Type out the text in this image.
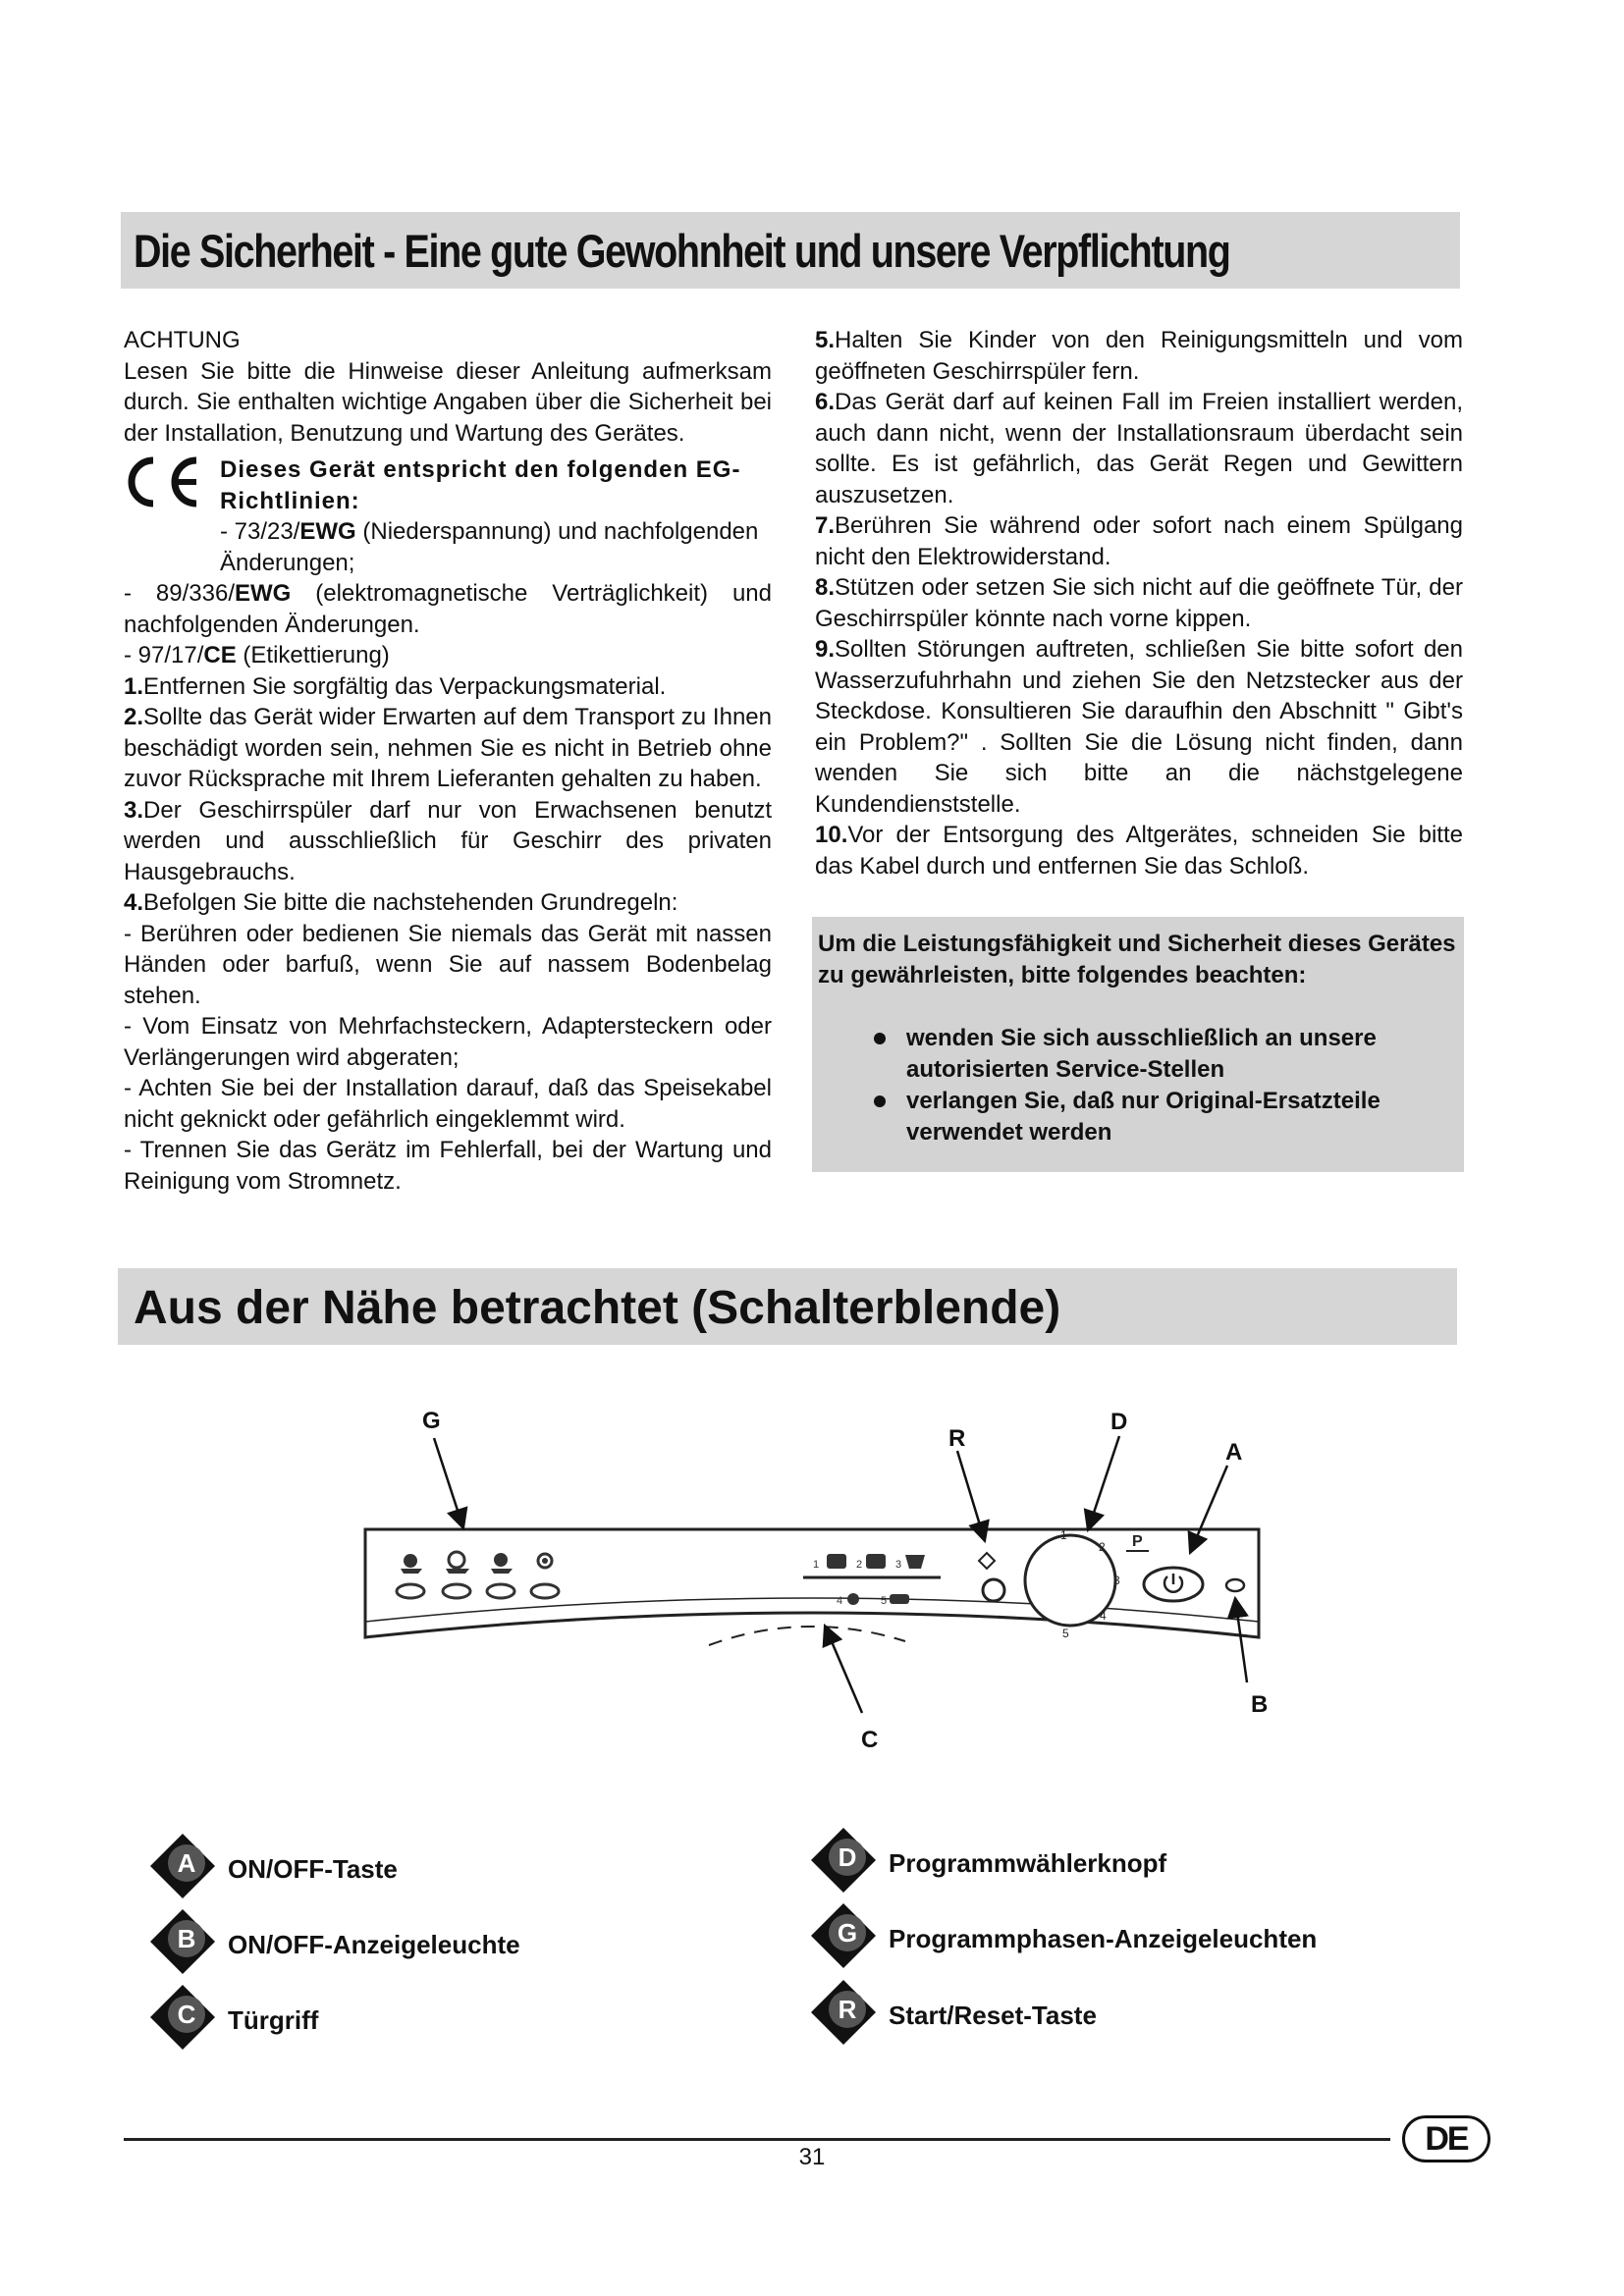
Die Sicherheit - Eine gute Gewohnheit und unsere Verpflichtung

ACHTUNG

Lesen Sie bitte die Hinweise dieser Anleitung aufmerksam durch. Sie enthalten wichtige Angaben über die Sicherheit bei der Installation, Benutzung und Wartung des Gerätes.

Dieses Gerät entspricht den folgenden EG-Richtlinien:

- 73/23/EWG (Niederspannung) und nachfolgenden Änderungen;

- 89/336/EWG (elektromagnetische Verträglichkeit) und nachfolgenden Änderungen.

- 97/17/CE (Etikettierung)

1.Entfernen Sie sorgfältig das Verpackungsmaterial.

2.Sollte das Gerät wider Erwarten auf dem Transport zu Ihnen beschädigt worden sein, nehmen Sie es nicht in Betrieb ohne zuvor Rücksprache mit Ihrem Lieferanten gehalten zu haben.

3.Der Geschirrspüler darf nur von Erwachsenen benutzt werden und ausschließlich für Geschirr des privaten Hausgebrauchs.

4.Befolgen Sie bitte die nachstehenden Grundregeln:

- Berühren oder bedienen Sie niemals das Gerät mit nassen Händen oder barfuß, wenn Sie auf nassem Bodenbelag stehen.

- Vom Einsatz von Mehrfachsteckern, Adaptersteckern oder Verlängerungen wird abgeraten;

- Achten Sie bei der Installation darauf, daß das Speisekabel nicht geknickt oder gefährlich eingeklemmt wird.

- Trennen Sie das Gerätz im Fehlerfall, bei der Wartung und Reinigung vom Stromnetz.

5.Halten Sie Kinder von den Reinigungsmitteln und vom geöffneten Geschirrspüler fern.

6.Das Gerät darf auf keinen Fall im Freien installiert werden, auch dann nicht, wenn der Installationsraum überdacht sein sollte. Es ist gefährlich, das Gerät Regen und Gewittern auszusetzen.

7.Berühren Sie während oder sofort nach einem Spülgang nicht den Elektrowiderstand.

8.Stützen oder setzen Sie sich nicht auf die geöffnete Tür, der Geschirrspüler könnte nach vorne kippen.

9.Sollten Störungen auftreten, schließen Sie bitte sofort den Wasserzufuhrhahn und ziehen Sie den Netzstecker aus der Steckdose. Konsultieren Sie daraufhin den Abschnitt " Gibt's ein Problem?" . Sollten Sie die Lösung nicht finden, dann wenden Sie sich bitte an die nächstgelegene Kundendienststelle.

10.Vor der Entsorgung des Altgerätes, schneiden Sie bitte das Kabel durch und entfernen Sie das Schloß.

Um die Leistungsfähigkeit und Sicherheit dieses Gerätes zu gewährleisten, bitte folgendes beachten:

wenden Sie sich ausschließlich an unsere autorisierten Service-Stellen

verlangen Sie, daß nur Original-Ersatzteile verwendet werden

Aus der Nähe betrachtet (Schalterblende)
1	2	3
4	5
1
2
3
4
5
P
G
R
D
A
B
C
A ON/OFF-Taste
B ON/OFF-Anzeigeleuchte
C Türgriff
D Programmwählerknopf
G Programmphasen-Anzeigeleuchten
R Start/Reset-Taste
31	DE
